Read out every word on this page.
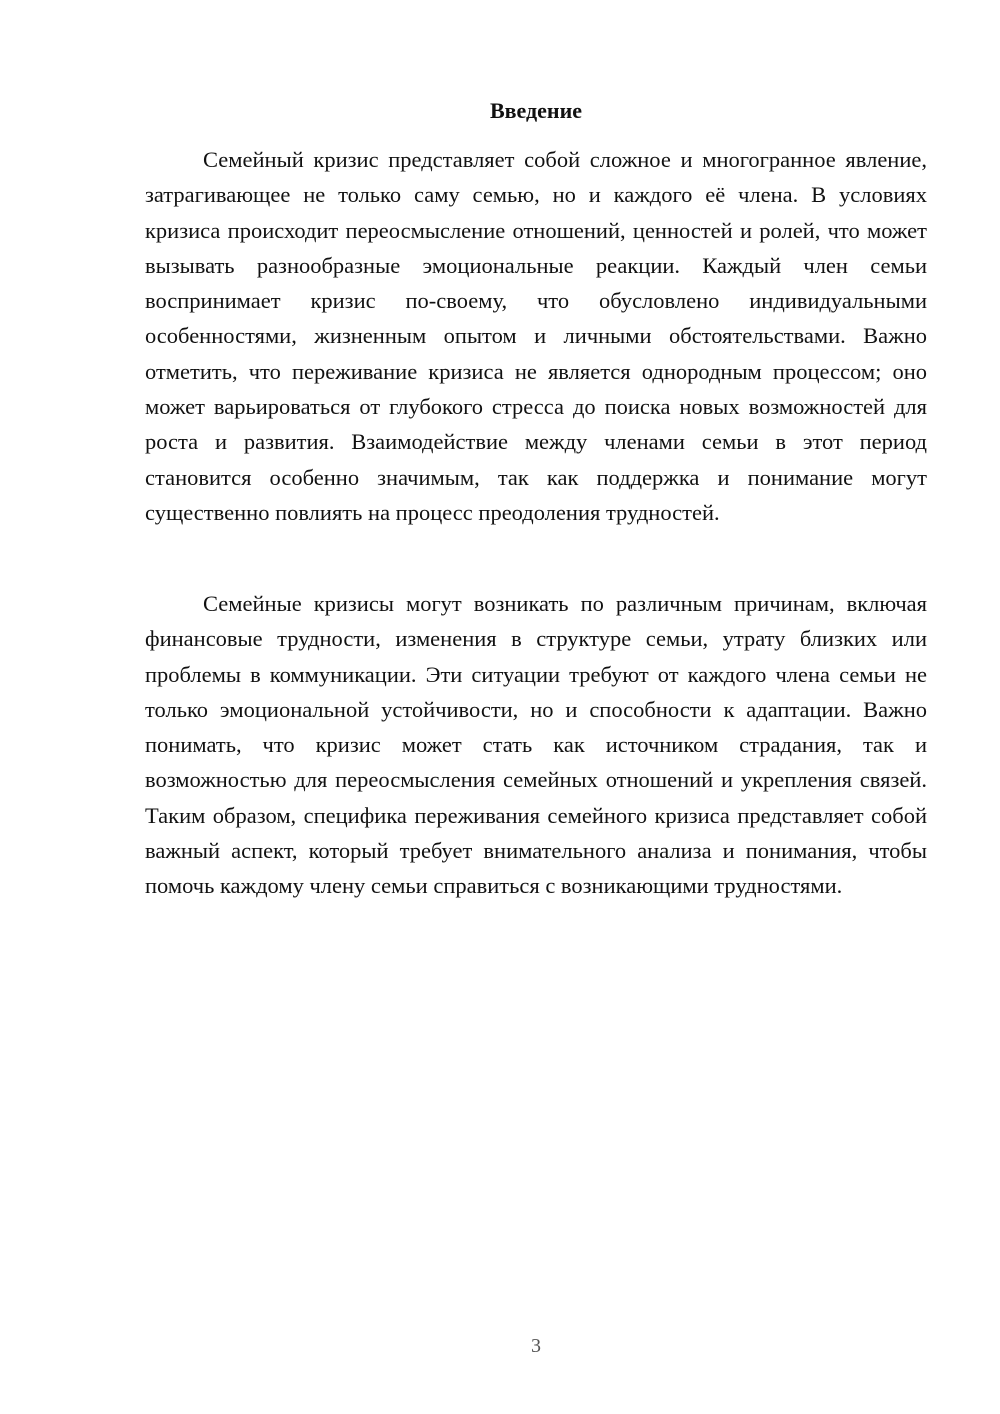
Введение

Семейный кризис представляет собой сложное и многогранное явление, затрагивающее не только саму семью, но и каждого её члена. В условиях кризиса происходит переосмысление отношений, ценностей и ролей, что может вызывать разнообразные эмоциональные реакции. Каждый член семьи воспринимает кризис по-своему, что обусловлено индивидуальными особенностями, жизненным опытом и личными обстоятельствами. Важно отметить, что переживание кризиса не является однородным процессом; оно может варьироваться от глубокого стресса до поиска новых возможностей для роста и развития. Взаимодействие между членами семьи в этот период становится особенно значимым, так как поддержка и понимание могут существенно повлиять на процесс преодоления трудностей.

Семейные кризисы могут возникать по различным причинам, включая финансовые трудности, изменения в структуре семьи, утрату близких или проблемы в коммуникации. Эти ситуации требуют от каждого члена семьи не только эмоциональной устойчивости, но и способности к адаптации. Важно понимать, что кризис может стать как источником страдания, так и возможностью для переосмысления семейных отношений и укрепления связей. Таким образом, специфика переживания семейного кризиса представляет собой важный аспект, который требует внимательного анализа и понимания, чтобы помочь каждому члену семьи справиться с возникающими трудностями.

3
